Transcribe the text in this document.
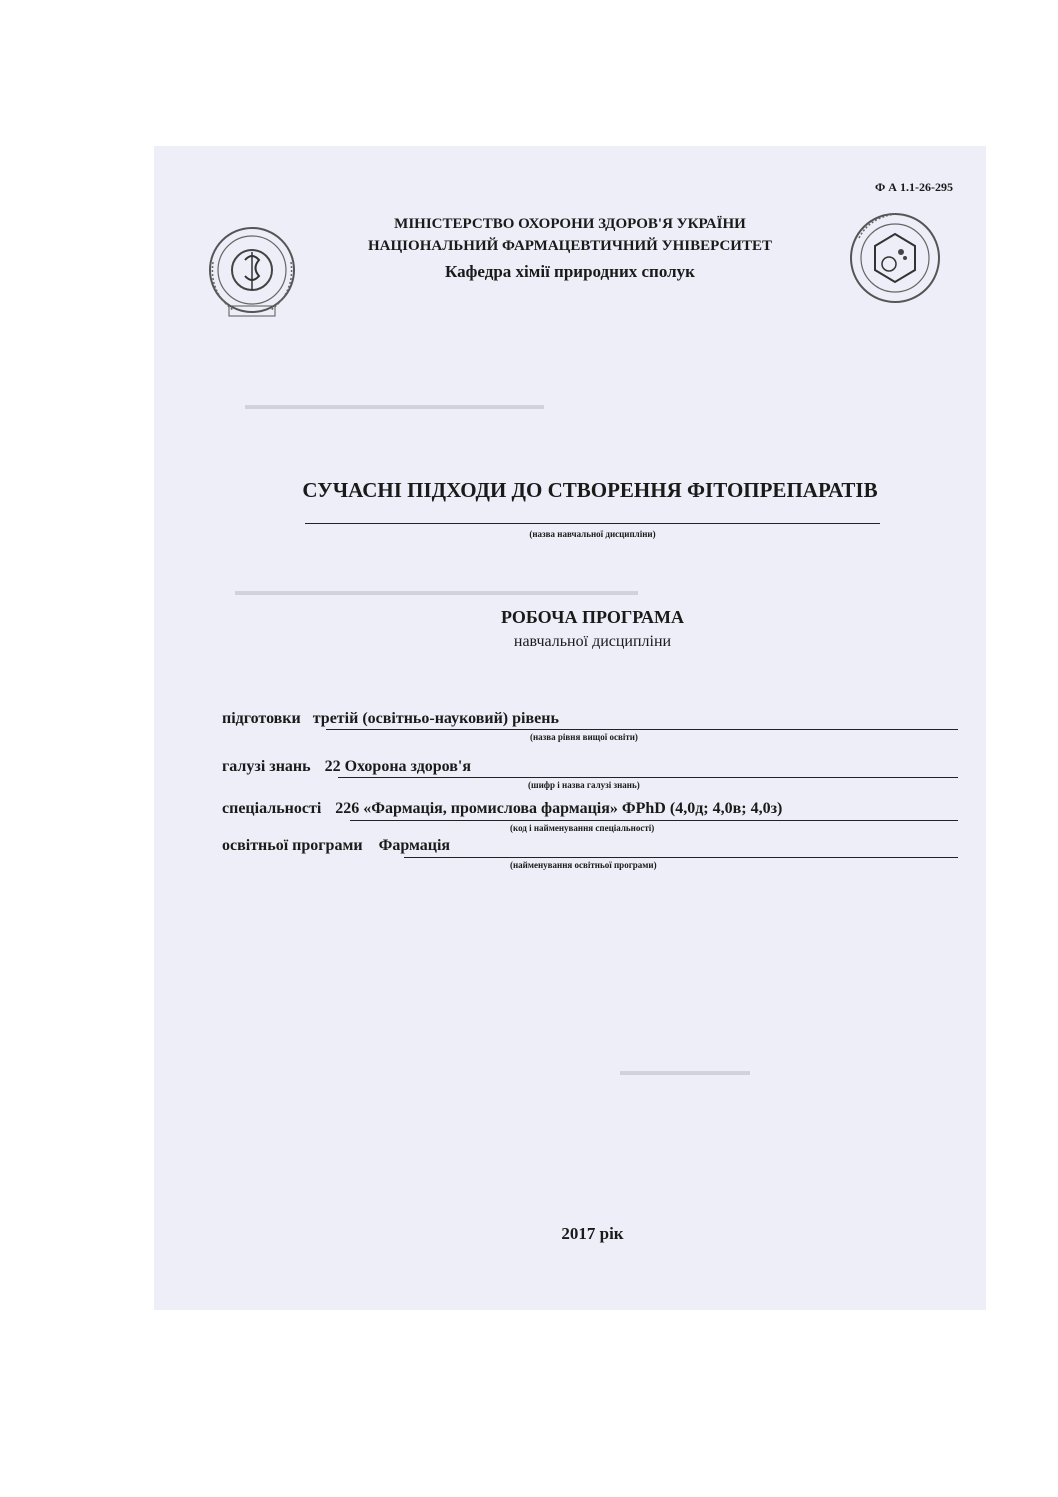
▬▬▬▬▬▬▬▬▬▬▬▬▬▬▬▬▬▬▬▬▬▬▬
▬▬▬▬▬▬▬▬▬▬▬▬▬▬▬▬▬▬▬▬▬▬▬▬▬▬▬▬▬▬▬
▬▬▬▬▬▬▬▬▬▬
Ф А 1.1-26-295
МІНІСТЕРСТВО ОХОРОНИ ЗДОРОВ'Я УКРАЇНИ
НАЦІОНАЛЬНИЙ ФАРМАЦЕВТИЧНИЙ УНІВЕРСИТЕТ
Кафедра хімії природних сполук
СУЧАСНІ ПІДХОДИ ДО СТВОРЕННЯ ФІТОПРЕПАРАТІВ
(назва навчальної дисципліни)
РОБОЧА ПРОГРАМА
навчальної дисципліни
підготовки третій (освітньо-науковий) рівень
(назва рівня вищої освіти)
галузі знань 22 Охорона здоров'я
(шифр і назва галузі знань)
спеціальності 226 «Фармація, промислова фармація» ФPhD (4,0д; 4,0в; 4,0з)
(код і найменування спеціальності)
освітньої програми Фармація
(найменування освітньої програми)
2017 рік
